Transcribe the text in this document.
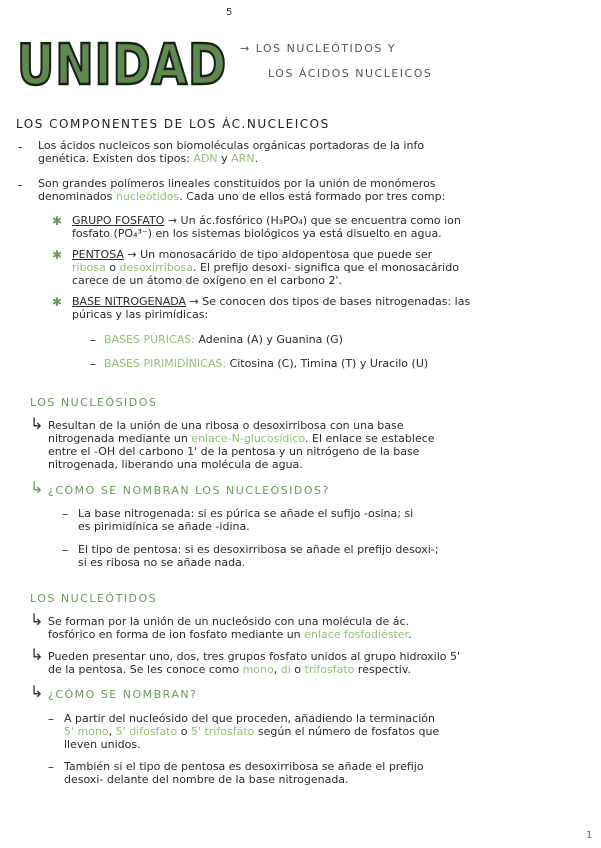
UNIDAD
5
→ LOS NUCLEÓTIDOS Y
LOS ÁCIDOS NUCLEICOS
LOS COMPONENTES DE LOS ÁC.NUCLEICOS
- Los ácidos nucleicos son biomoléculas orgánicas portadoras de la info
genética. Existen dos tipos: ADN y ARN.
- Son grandes polímeros lineales constituidos por la unión de monómeros
denominados nucleótidos. Cada uno de ellos está formado por tres comp:
✱ GRUPO FOSFATO → Un ác.fosfórico (H₃PO₄) que se encuentra como ion
fosfato (PO₄³⁻) en los sistemas biológicos ya está disuelto en agua.
✱ PENTOSA → Un monosacárido de tipo aldopentosa que puede ser
ribosa o desoxirribosa. El prefijo desoxi- significa que el monosacárido
carece de un átomo de oxígeno en el carbono 2'.
✱ BASE NITROGENADA → Se conocen dos tipos de bases nitrogenadas: las
púricas y las pirimídicas:
– BASES PÚRICAS: Adenina (A) y Guanina (G)
– BASES PIRIMIDÍNICAS: Citosina (C), Timina (T) y Uracilo (U)
LOS NUCLEÓSIDOS
↳ Resultan de la unión de una ribosa o desoxirribosa con una base
nitrogenada mediante un enlace-N-glucosídico. El enlace se establece
entre el -OH del carbono 1' de la pentosa y un nitrógeno de la base
nitrogenada, liberando una molécula de agua.
↳ ¿CÓMO SE NOMBRAN LOS NUCLEÓSIDOS?
– La base nitrogenada: si es púrica se añade el sufijo -osina; si
es pirimidínica se añade -idina.
– El tipo de pentosa: si es desoxirribosa se añade el prefijo desoxi-;
si es ribosa no se añade nada.
LOS NUCLEÓTIDOS
↳ Se forman por la unión de un nucleósido con una molécula de ác.
fosfórico en forma de ion fosfato mediante un enlace fosfodiéster.
↳ Pueden presentar uno, dos, tres grupos fosfato unidos al grupo hidroxilo 5'
de la pentosa. Se les conoce como mono, di o trifosfato respectiv.
↳ ¿CÓMO SE NOMBRAN?
– A partir del nucleósido del que proceden, añadiendo la terminación
5' mono, 5' difosfato o 5' trifosfato según el número de fosfatos que
lleven unidos.
– También si el tipo de pentosa es desoxirribosa se añade el prefijo
desoxi- delante del nombre de la base nitrogenada.
1
